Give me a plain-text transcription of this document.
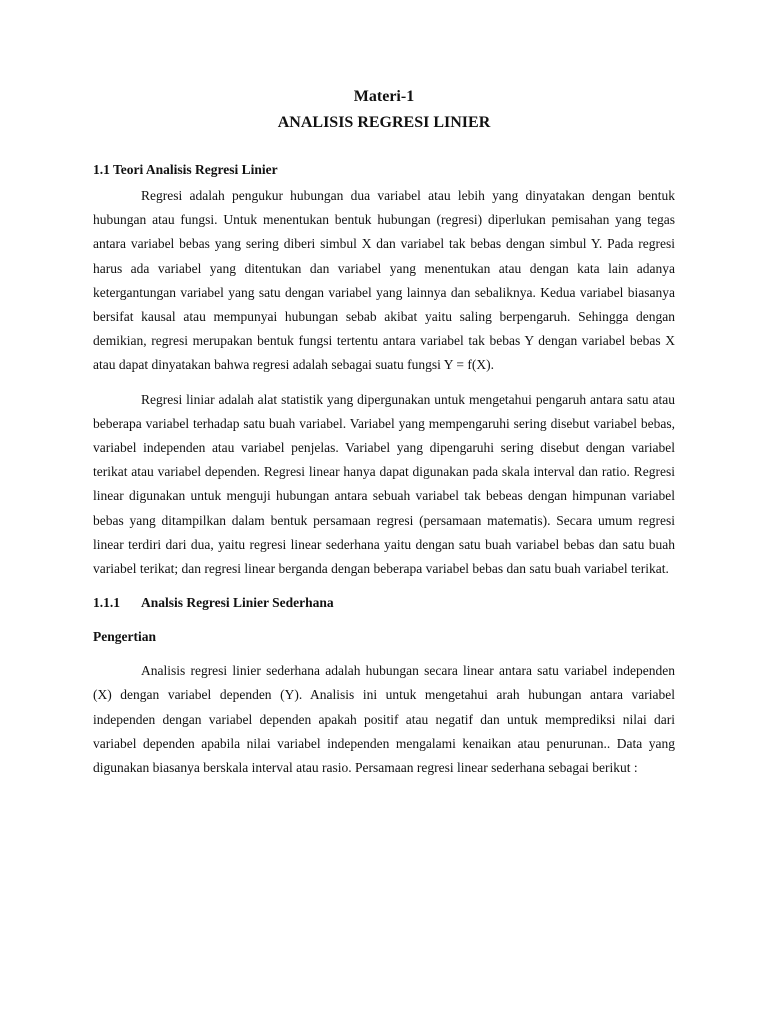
Materi-1

ANALISIS REGRESI LINIER

1.1 Teori Analisis Regresi Linier

Regresi adalah pengukur hubungan dua variabel atau lebih yang dinyatakan dengan bentuk hubungan atau fungsi. Untuk menentukan bentuk hubungan (regresi) diperlukan pemisahan yang tegas antara variabel bebas yang sering diberi simbul X dan variabel tak bebas dengan simbul Y. Pada regresi harus ada variabel yang ditentukan dan variabel yang menentukan atau dengan kata lain adanya ketergantungan variabel yang satu dengan variabel yang lainnya dan sebaliknya. Kedua variabel biasanya bersifat kausal atau mempunyai hubungan sebab akibat yaitu saling berpengaruh. Sehingga dengan demikian, regresi merupakan bentuk fungsi tertentu antara variabel tak bebas Y dengan variabel bebas X atau dapat dinyatakan bahwa regresi adalah sebagai suatu fungsi Y = f(X).

Regresi liniar adalah alat statistik yang dipergunakan untuk mengetahui pengaruh antara satu atau beberapa variabel terhadap satu buah variabel. Variabel yang mempengaruhi sering disebut variabel bebas, variabel independen atau variabel penjelas. Variabel yang dipengaruhi sering disebut dengan variabel terikat atau variabel dependen. Regresi linear hanya dapat digunakan pada skala interval dan ratio. Regresi linear digunakan untuk menguji hubungan antara sebuah variabel tak bebeas dengan himpunan variabel bebas yang ditampilkan dalam bentuk persamaan regresi (persamaan matematis). Secara umum regresi linear terdiri dari dua, yaitu regresi linear sederhana yaitu dengan satu buah variabel bebas dan satu buah variabel terikat; dan regresi linear berganda dengan beberapa variabel bebas dan satu buah variabel terikat.

1.1.1	Analsis Regresi Linier Sederhana

Pengertian

Analisis regresi linier sederhana adalah hubungan secara linear antara satu variabel independen (X) dengan variabel dependen (Y). Analisis ini untuk mengetahui arah hubungan antara variabel independen dengan variabel dependen apakah positif atau negatif dan untuk memprediksi nilai dari variabel dependen apabila nilai variabel independen mengalami kenaikan atau penurunan.. Data yang digunakan biasanya berskala interval atau rasio. Persamaan regresi linear sederhana sebagai berikut :
